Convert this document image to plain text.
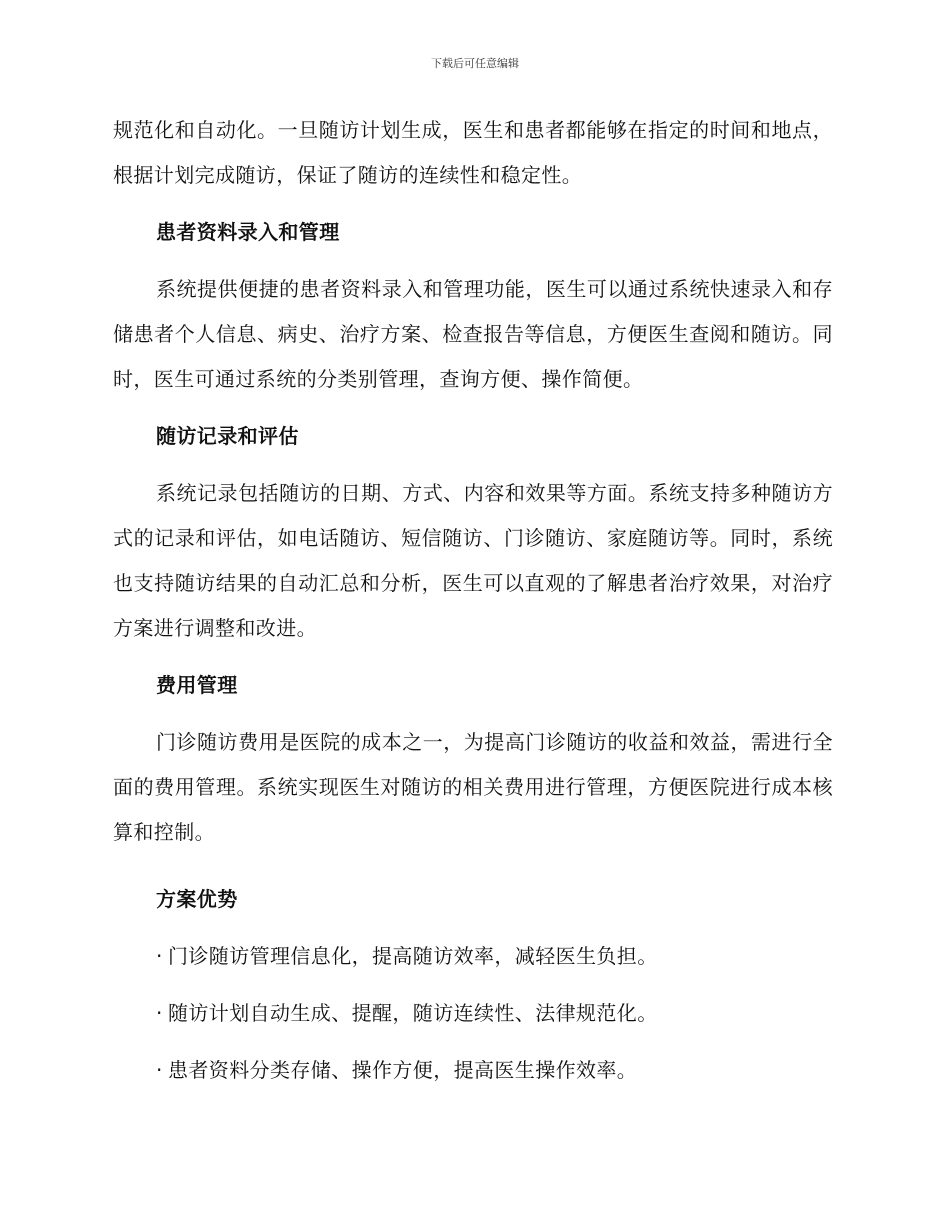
下载后可任意编辑

规范化和自动化。一旦随访计划生成，医生和患者都能够在指定的时间和地点，根据计划完成随访，保证了随访的连续性和稳定性。

患者资料录入和管理

系统提供便捷的患者资料录入和管理功能，医生可以通过系统快速录入和存储患者个人信息、病史、治疗方案、检查报告等信息，方便医生查阅和随访。同时，医生可通过系统的分类别管理，查询方便、操作简便。

随访记录和评估

系统记录包括随访的日期、方式、内容和效果等方面。系统支持多种随访方式的记录和评估，如电话随访、短信随访、门诊随访、家庭随访等。同时，系统也支持随访结果的自动汇总和分析，医生可以直观的了解患者治疗效果，对治疗方案进行调整和改进。

费用管理

门诊随访费用是医院的成本之一，为提高门诊随访的收益和效益，需进行全面的费用管理。系统实现医生对随访的相关费用进行管理，方便医院进行成本核算和控制。

方案优势
· 门诊随访管理信息化，提高随访效率，减轻医生负担。
· 随访计划自动生成、提醒，随访连续性、法律规范化。
· 患者资料分类存储、操作方便，提高医生操作效率。
